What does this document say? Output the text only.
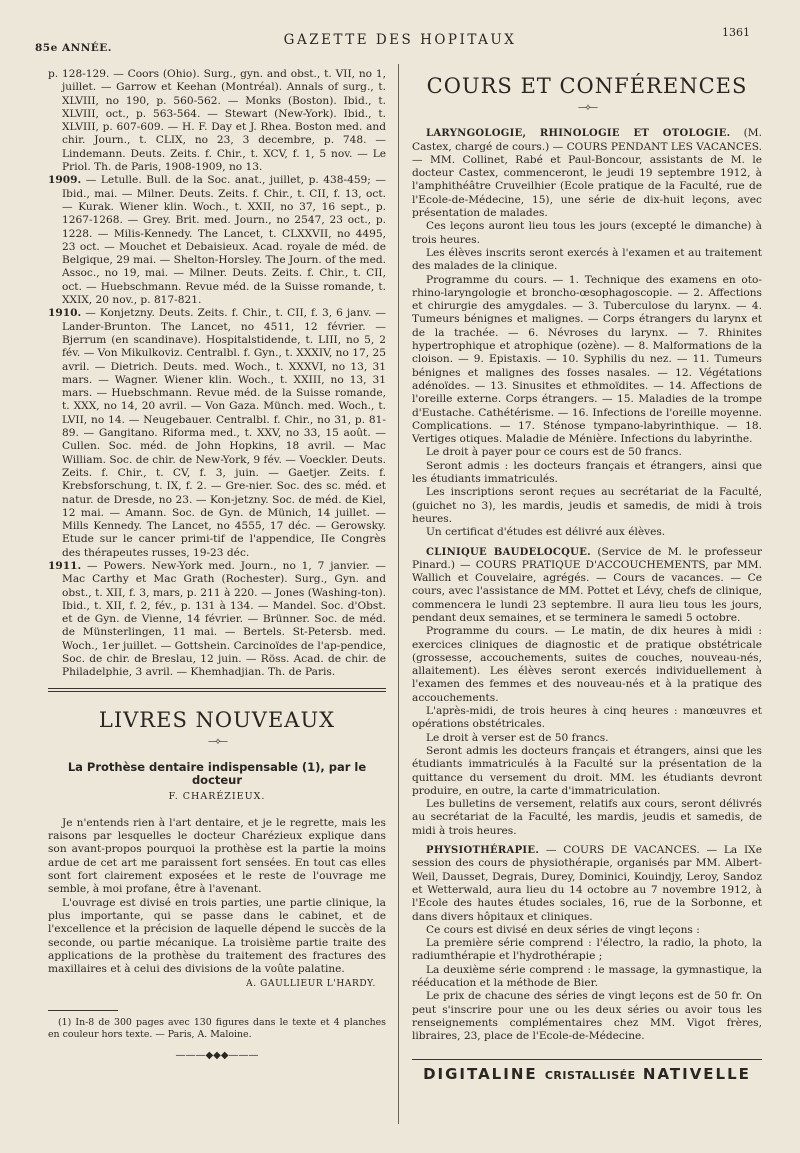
85e ANNÉE.	GAZETTE DES HOPITAUX	1361

p. 128-129. — Coors (Ohio). Surg., gyn. and obst., t. VII, no 1, juillet. — Garrow et Keehan (Montréal). Annals of surg., t. XLVIII, no 190, p. 560-562. — Monks (Boston). Ibid., t. XLVIII, oct., p. 563-564. — Stewart (New-York). Ibid., t. XLVIII, p. 607-609. — H. F. Day et J. Rhea. Boston med. and chir. Journ., t. CLIX, no 23, 3 decembre, p. 748. — Lindemann. Deuts. Zeits. f. Chir., t. XCV, f. 1, 5 nov. — Le Priol. Th. de Paris, 1908-1909, no 13.

1909. — Letulle. Bull. de la Soc. anat., juillet, p. 438-459; — Ibid., mai. — Milner. Deuts. Zeits. f. Chir., t. CII, f. 13, oct. — Kurak. Wiener klin. Woch., t. XXII, no 37, 16 sept., p. 1267-1268. — Grey. Brit. med. Journ., no 2547, 23 oct., p. 1228. — Milis-Kennedy. The Lancet, t. CLXXVII, no 4495, 23 oct. — Mouchet et Debaisieux. Acad. royale de méd. de Belgique, 29 mai. — Shelton-Horsley. The Journ. of the med. Assoc., no 19, mai. — Milner. Deuts. Zeits. f. Chir., t. CII, oct. — Huebschmann. Revue méd. de la Suisse romande, t. XXIX, 20 nov., p. 817-821.

1910. — Konjetzny. Deuts. Zeits. f. Chir., t. CII, f. 3, 6 janv. — Lander-Brunton. The Lancet, no 4511, 12 février. — Bjerrum (en scandinave). Hospitalstidende, t. LIII, no 5, 2 fév. — Von Mikulkoviz. Centralbl. f. Gyn., t. XXXIV, no 17, 25 avril. — Dietrich. Deuts. med. Woch., t. XXXVI, no 13, 31 mars. — Wagner. Wiener klin. Woch., t. XXIII, no 13, 31 mars. — Huebschmann. Revue méd. de la Suisse romande, t. XXX, no 14, 20 avril. — Von Gaza. Münch. med. Woch., t. LVII, no 14. — Neugebauer. Centralbl. f. Chir., no 31, p. 81-89. — Gangitano. Riforma med., t. XXV, no 33, 15 août. — Cullen. Soc. méd. de John Hopkins, 18 avril. — Mac William. Soc. de chir. de New-York, 9 fév. — Voeckler. Deuts. Zeits. f. Chir., t. CV, f. 3, juin. — Gaetjer. Zeits. f. Krebsforschung, t. IX, f. 2. — Gre-nier. Soc. des sc. méd. et natur. de Dresde, no 23. — Kon-jetzny. Soc. de méd. de Kiel, 12 mai. — Amann. Soc. de Gyn. de Münich, 14 juillet. — Mills Kennedy. The Lancet, no 4555, 17 déc. — Gerowsky. Etude sur le cancer primi-tif de l'appendice, IIe Congrès des thérapeutes russes, 19-23 déc.

1911. — Powers. New-York med. Journ., no 1, 7 janvier. — Mac Carthy et Mac Grath (Rochester). Surg., Gyn. and obst., t. XII, f. 3, mars, p. 211 à 220. — Jones (Washing-ton). Ibid., t. XII, f. 2, fév., p. 131 à 134. — Mandel. Soc. d'Obst. et de Gyn. de Vienne, 14 février. — Brünner. Soc. de méd. de Münsterlingen, 11 mai. — Bertels. St-Petersb. med. Woch., 1er juillet. — Gottshein. Carcinoïdes de l'ap-pendice, Soc. de chir. de Breslau, 12 juin. — Röss. Acad. de chir. de Philadelphie, 3 avril. — Khemhadjian. Th. de Paris.

LIVRES NOUVEAUX
—⟡—
La Prothèse dentaire indispensable (1), par le docteur
F. CHARÉZIEUX.

Je n'entends rien à l'art dentaire, et je le regrette, mais les raisons par lesquelles le docteur Charézieux explique dans son avant-propos pourquoi la prothèse est la partie la moins ardue de cet art me paraissent fort sensées. En tout cas elles sont fort clairement exposées et le reste de l'ouvrage me semble, à moi profane, être à l'avenant.

L'ouvrage est divisé en trois parties, une partie clinique, la plus importante, qui se passe dans le cabinet, et de l'excellence et la précision de laquelle dépend le succès de la seconde, ou partie mécanique. La troisième partie traite des applications de la prothèse du traitement des fractures des maxillaires et à celui des divisions de la voûte palatine.

A. GAULLIEUR L'HARDY.

(1) In-8 de 300 pages avec 130 figures dans le texte et 4 planches en couleur hors texte. — Paris, A. Maloine.

———◆◆◆———
COURS ET CONFÉRENCES
—⟡—

LARYNGOLOGIE, RHINOLOGIE ET OTOLOGIE. (M. Castex, chargé de cours.) — COURS PENDANT LES VACANCES. — MM. Collinet, Rabé et Paul-Boncour, assistants de M. le docteur Castex, commenceront, le jeudi 19 septembre 1912, à l'amphithéâtre Cruveilhier (Ecole pratique de la Faculté, rue de l'Ecole-de-Médecine, 15), une série de dix-huit leçons, avec présentation de malades.

Ces leçons auront lieu tous les jours (excepté le dimanche) à trois heures.

Les élèves inscrits seront exercés à l'examen et au traitement des malades de la clinique.

Programme du cours. — 1. Technique des examens en oto-rhino-laryngologie et broncho-œsophagoscopie. — 2. Affections et chirurgie des amygdales. — 3. Tuberculose du larynx. — 4. Tumeurs bénignes et malignes. — Corps étrangers du larynx et de la trachée. — 6. Névroses du larynx. — 7. Rhinites hypertrophique et atrophique (ozène). — 8. Malformations de la cloison. — 9. Epistaxis. — 10. Syphilis du nez. — 11. Tumeurs bénignes et malignes des fosses nasales. — 12. Végétations adénoïdes. — 13. Sinusites et ethmoïdites. — 14. Affections de l'oreille externe. Corps étrangers. — 15. Maladies de la trompe d'Eustache. Cathétérisme. — 16. Infections de l'oreille moyenne. Complications. — 17. Sténose tympano-labyrinthique. — 18. Vertiges otiques. Maladie de Ménière. Infections du labyrinthe.

Le droit à payer pour ce cours est de 50 francs.

Seront admis : les docteurs français et étrangers, ainsi que les étudiants immatriculés.

Les inscriptions seront reçues au secrétariat de la Faculté, (guichet no 3), les mardis, jeudis et samedis, de midi à trois heures.

Un certificat d'études est délivré aux élèves.

CLINIQUE BAUDELOCQUE. (Service de M. le professeur Pinard.) — COURS PRATIQUE D'ACCOUCHEMENTS, par MM. Wallich et Couvelaire, agrégés. — Cours de vacances. — Ce cours, avec l'assistance de MM. Pottet et Lévy, chefs de clinique, commencera le lundi 23 septembre. Il aura lieu tous les jours, pendant deux semaines, et se terminera le samedi 5 octobre.

Programme du cours. — Le matin, de dix heures à midi : exercices cliniques de diagnostic et de pratique obstétricale (grossesse, accouchements, suites de couches, nouveau-nés, allaitement). Les élèves seront exercés individuellement à l'examen des femmes et des nouveau-nés et à la pratique des accouchements.

L'après-midi, de trois heures à cinq heures : manœuvres et opérations obstétricales.

Le droit à verser est de 50 francs.

Seront admis les docteurs français et étrangers, ainsi que les étudiants immatriculés à la Faculté sur la présentation de la quittance du versement du droit. MM. les étudiants devront produire, en outre, la carte d'immatriculation.

Les bulletins de versement, relatifs aux cours, seront délivrés au secrétariat de la Faculté, les mardis, jeudis et samedis, de midi à trois heures.

PHYSIOTHÉRAPIE. — COURS DE VACANCES. — La IXe session des cours de physiothérapie, organisés par MM. Albert-Weil, Dausset, Degrais, Durey, Dominici, Kouindjy, Leroy, Sandoz et Wetterwald, aura lieu du 14 octobre au 7 novembre 1912, à l'Ecole des hautes études sociales, 16, rue de la Sorbonne, et dans divers hôpitaux et cliniques.

Ce cours est divisé en deux séries de vingt leçons :

La première série comprend : l'électro, la radio, la photo, la radiumthérapie et l'hydrothérapie ;

La deuxième série comprend : le massage, la gymnastique, la rééducation et la méthode de Bier.

Le prix de chacune des séries de vingt leçons est de 50 fr. On peut s'inscrire pour une ou les deux séries ou avoir tous les renseignements complémentaires chez MM. Vigot frères, libraires, 23, place de l'Ecole-de-Médecine.

DIGITALINE CRISTALLISÉE NATIVELLE
